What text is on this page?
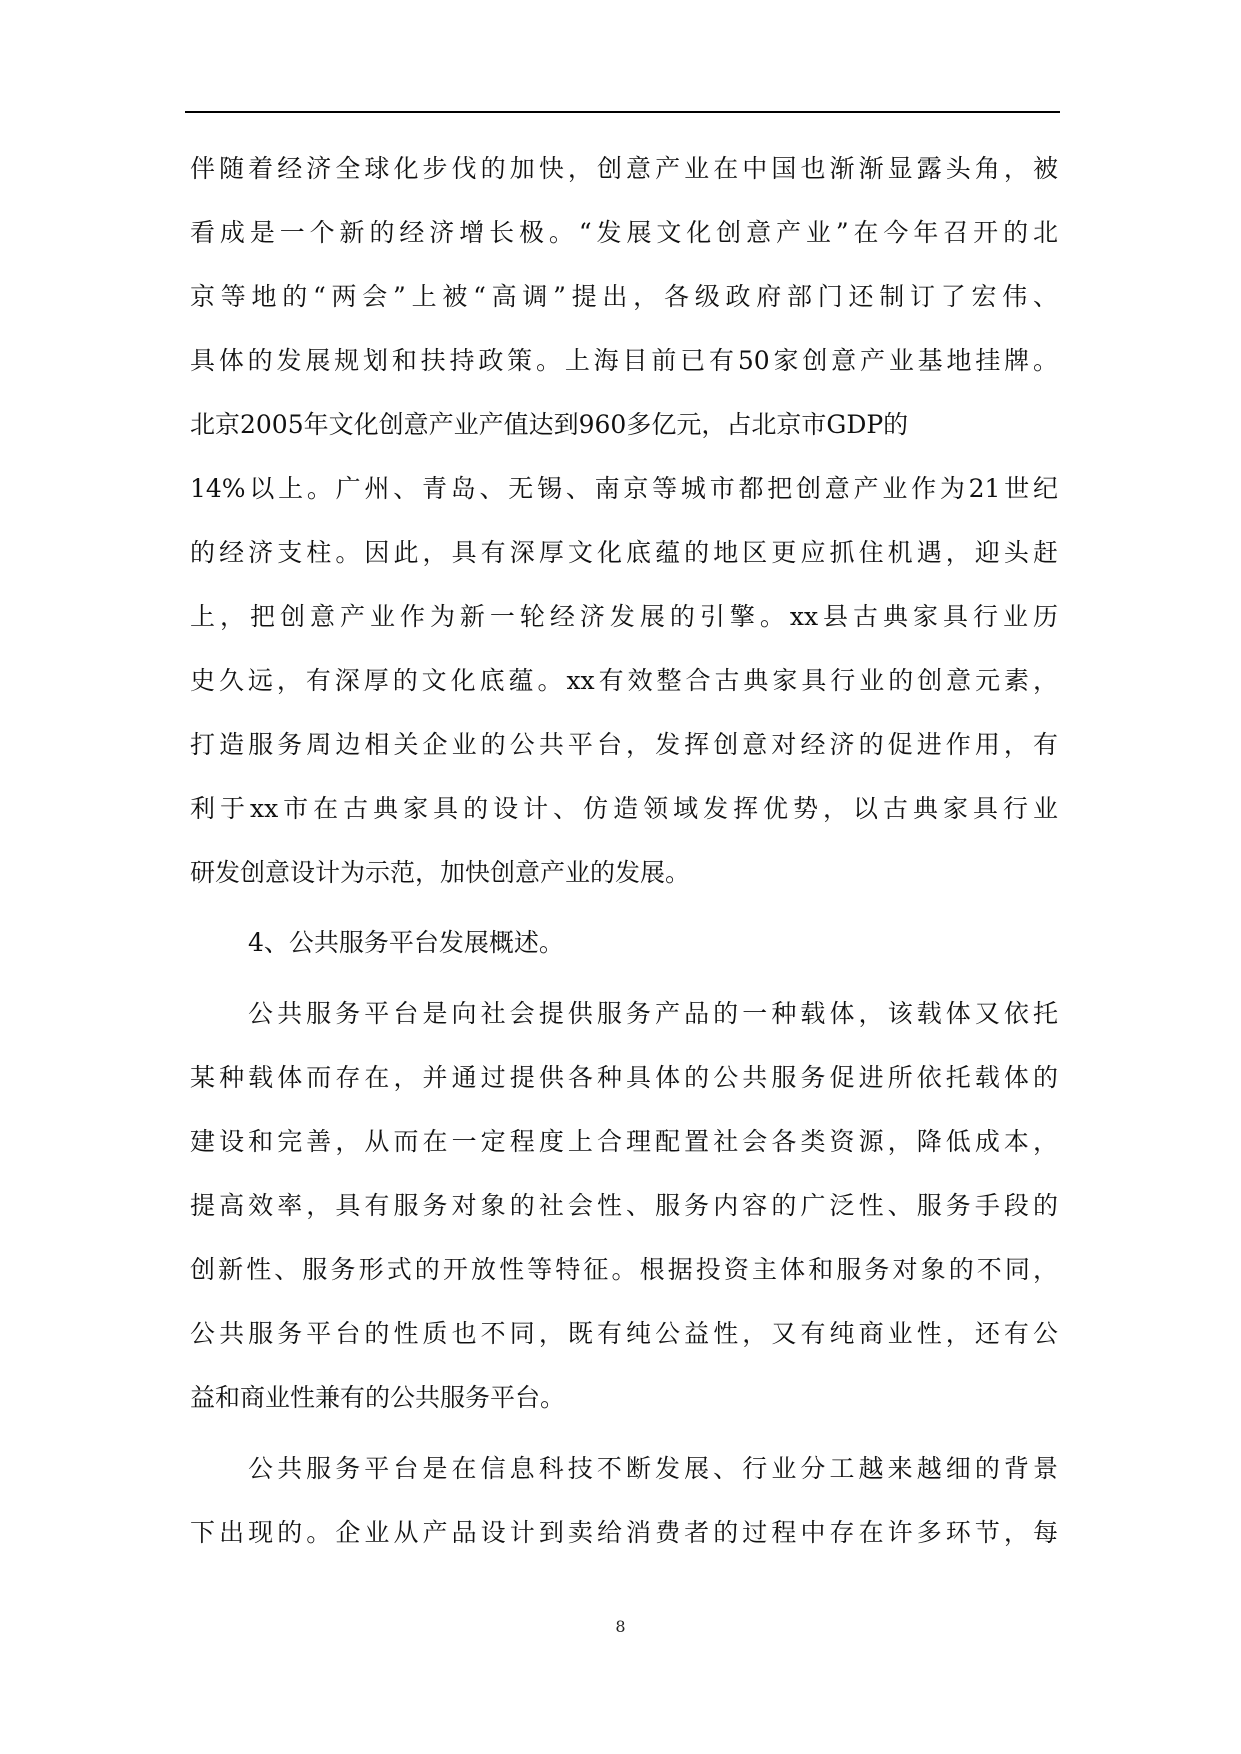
伴随着经济全球化步伐的加快，创意产业在中国也渐渐显露头角，被
看成是一个新的经济增长极。“发展文化创意产业”在今年召开的北
京等地的“两会”上被“高调”提出，各级政府部门还制订了宏伟、
具体的发展规划和扶持政策。上海目前已有50家创意产业基地挂牌。
北京2005年文化创意产业产值达到960多亿元，占北京市GDP的
14%以上。广州、青岛、无锡、南京等城市都把创意产业作为21世纪
的经济支柱。因此，具有深厚文化底蕴的地区更应抓住机遇，迎头赶
上，把创意产业作为新一轮经济发展的引擎。xx县古典家具行业历
史久远，有深厚的文化底蕴。xx有效整合古典家具行业的创意元素，
打造服务周边相关企业的公共平台，发挥创意对经济的促进作用，有
利于xx市在古典家具的设计、仿造领域发挥优势，以古典家具行业
研发创意设计为示范，加快创意产业的发展。
4、公共服务平台发展概述。
公共服务平台是向社会提供服务产品的一种载体，该载体又依托
某种载体而存在，并通过提供各种具体的公共服务促进所依托载体的
建设和完善，从而在一定程度上合理配置社会各类资源，降低成本，
提高效率，具有服务对象的社会性、服务内容的广泛性、服务手段的
创新性、服务形式的开放性等特征。根据投资主体和服务对象的不同，
公共服务平台的性质也不同，既有纯公益性，又有纯商业性，还有公
益和商业性兼有的公共服务平台。
公共服务平台是在信息科技不断发展、行业分工越来越细的背景
下出现的。企业从产品设计到卖给消费者的过程中存在许多环节，每
8
